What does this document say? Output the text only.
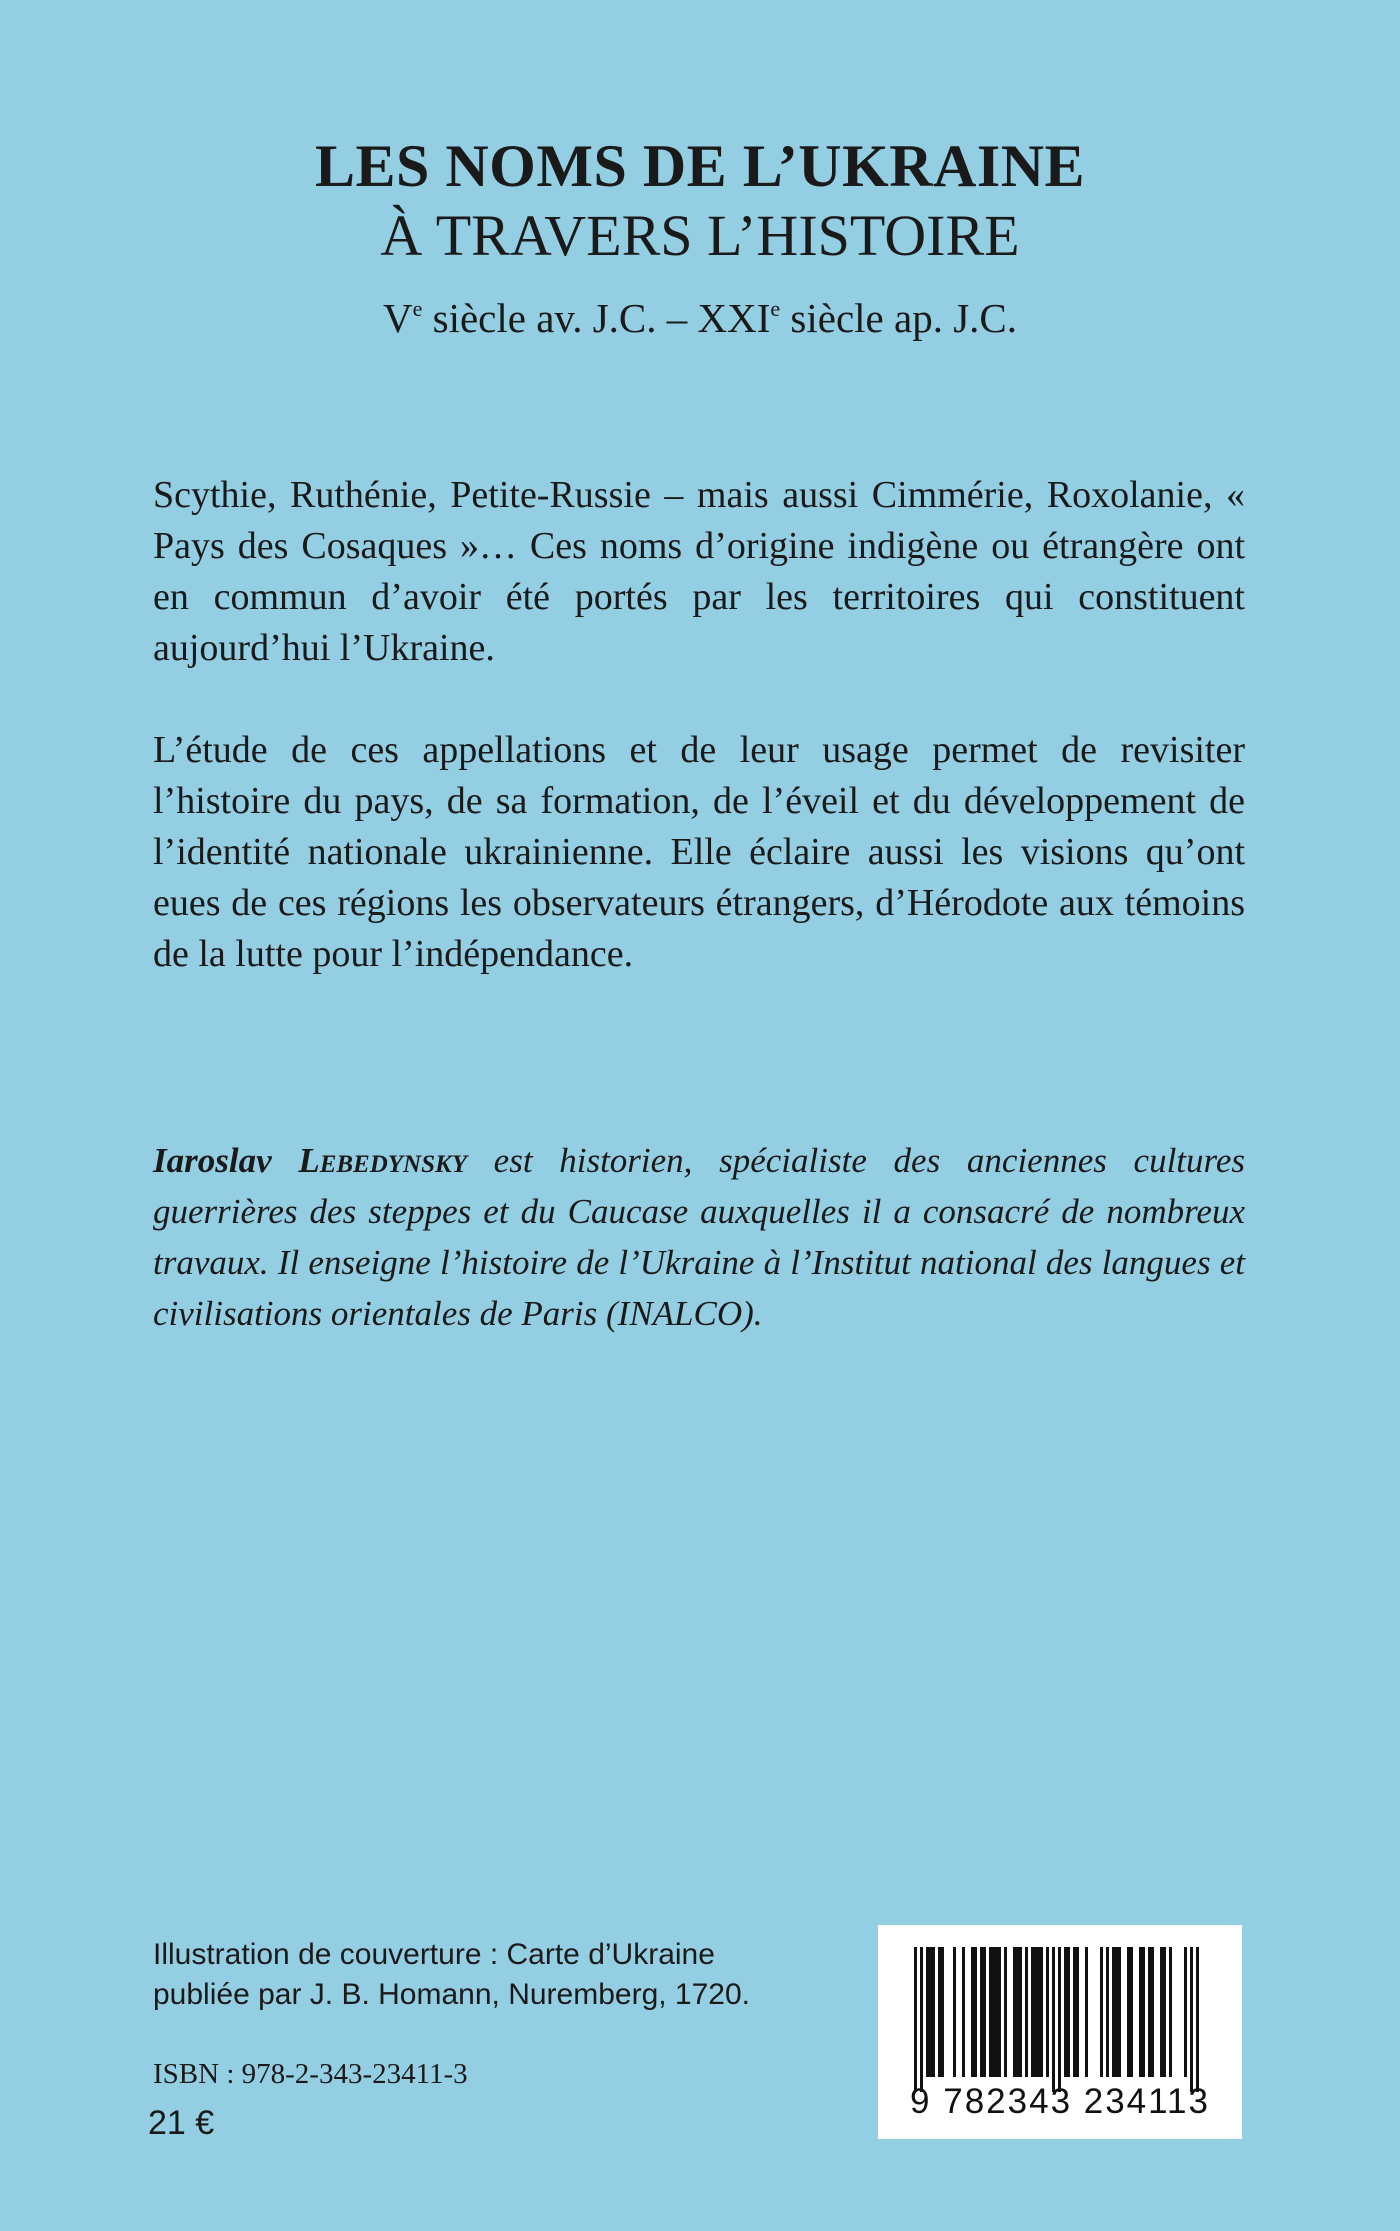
LES NOMS DE L’UKRAINE
À TRAVERS L’HISTOIRE
Ve siècle av. J.C. – XXIe siècle ap. J.C.

Scythie, Ruthénie, Petite-Russie – mais aussi Cimmérie, Roxolanie, « Pays des Cosaques »… Ces noms d’origine indigène ou étrangère ont en commun d’avoir été portés par les territoires qui constituent aujourd’hui l’Ukraine.

L’étude de ces appellations et de leur usage permet de revisiter l’histoire du pays, de sa formation, de l’éveil et du développement de l’identité nationale ukrainienne. Elle éclaire aussi les visions qu’ont eues de ces régions les observateurs étrangers, d’Hérodote aux témoins de la lutte pour l’indépendance.

Iaroslav Lebedynsky est historien, spécialiste des anciennes cultures guerrières des steppes et du Caucase auxquelles il a consacré de nombreux travaux. Il enseigne l’histoire de l’Ukraine à l’Institut national des langues et civilisations orientales de Paris (INALCO).

Illustration de couverture : Carte d’Ukraine
publiée par J. B. Homann, Nuremberg, 1720.
ISBN : 978-2-343-23411-3
21 €
9 782343 234113
